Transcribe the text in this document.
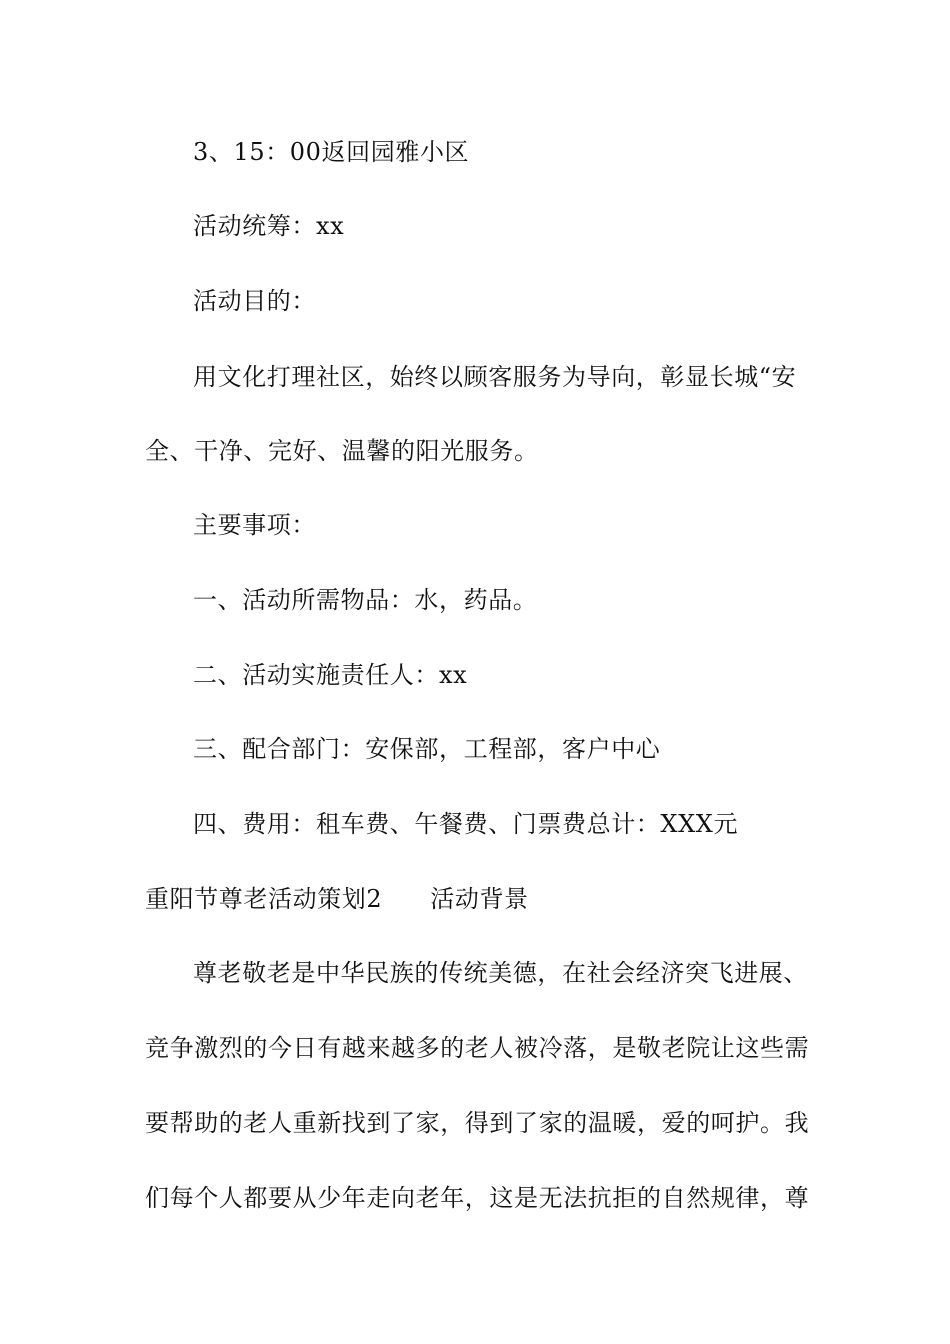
3、15：00返回园雅小区
活动统筹：xx
活动目的：
用文化打理社区，始终以顾客服务为导向，彰显长城“安
全、干净、完好、温馨的阳光服务。
主要事项：
一、活动所需物品：水，药品。
二、活动实施责任人：xx
三、配合部门：安保部，工程部，客户中心
四、费用：租车费、午餐费、门票费总计：XXX元
重阳节尊老活动策划2 活动背景
尊老敬老是中华民族的传统美德，在社会经济突飞进展、
竞争激烈的今日有越来越多的老人被冷落，是敬老院让这些需
要帮助的老人重新找到了家，得到了家的温暖，爱的呵护。我
们每个人都要从少年走向老年，这是无法抗拒的自然规律，尊
